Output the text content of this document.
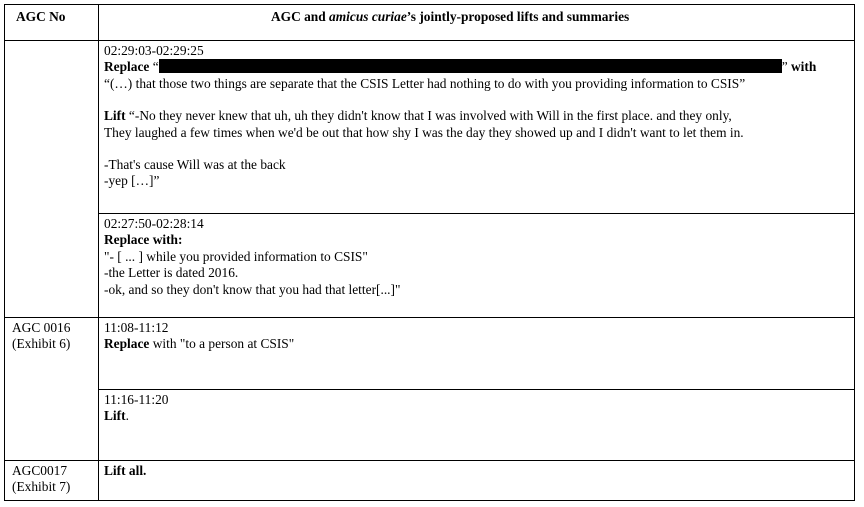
AGC No	AGC and amicus curiae’s jointly-proposed lifts and summaries
02:29:03-02:29:25
Replace “	” with
“(…) that those two things are separate that the CSIS Letter had nothing to do with you providing information to CSIS”
Lift “-No they never knew that uh, uh they didn't know that I was involved with Will in the first place. and they only,
They laughed a few times when we'd be out that how shy I was the day they showed up and I didn't want to let them in.
-That's cause Will was at the back
-yep […]”
02:27:50-02:28:14
Replace with:
"- [ ... ] while you provided information to CSIS"
-the Letter is dated 2016.
-ok, and so they don't know that you had that letter[...]"
AGC 0016
(Exhibit 6)
11:08-11:12
Replace with "to a person at CSIS"
11:16-11:20
Lift.
AGC0017
(Exhibit 7)
Lift all.
